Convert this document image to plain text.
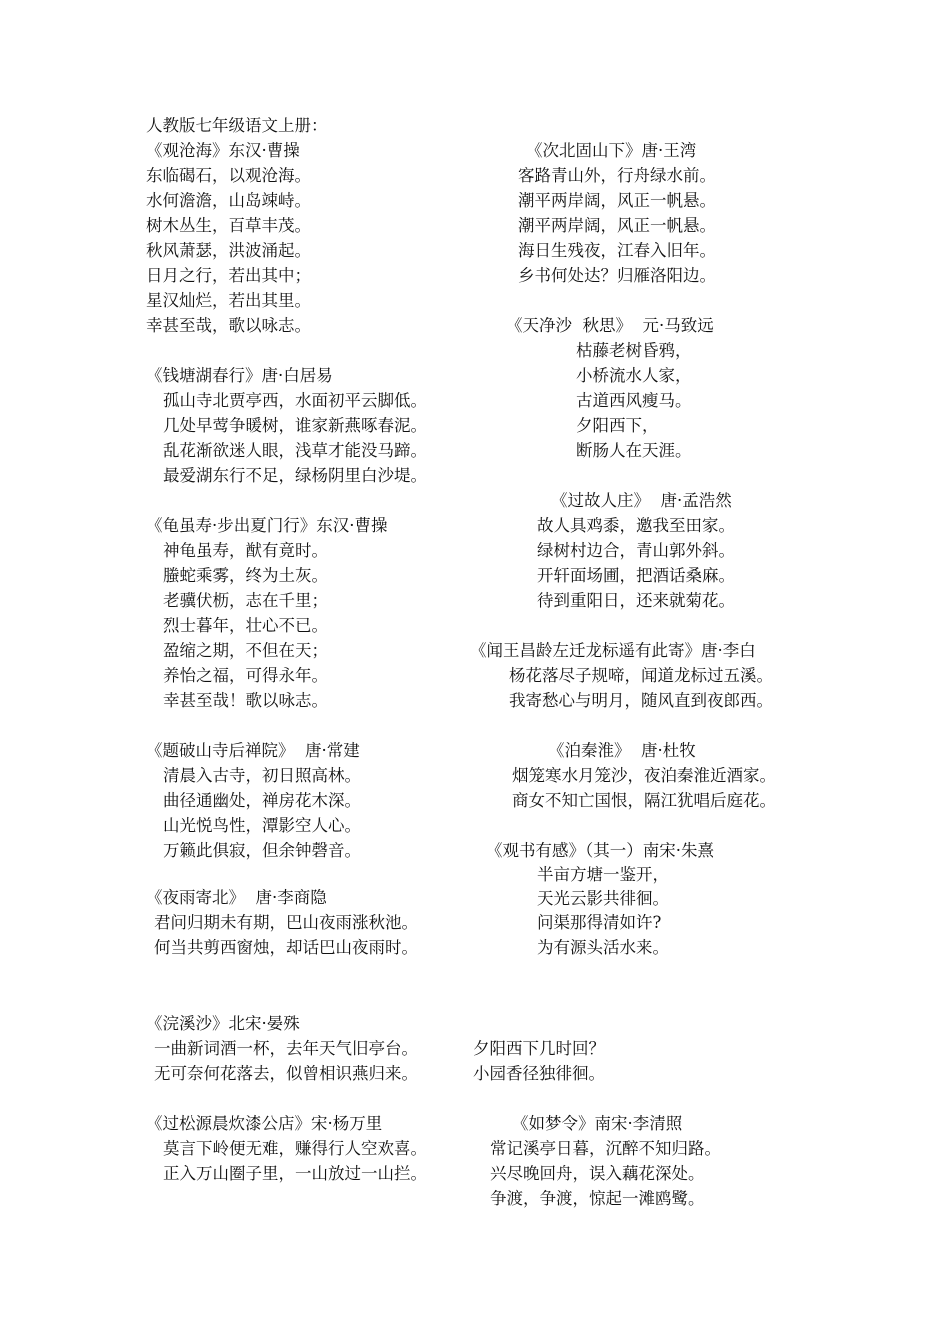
人教版七年级语文上册：
《观沧海》东汉·曹操
东临碣石，以观沧海。
水何澹澹，山岛竦峙。
树木丛生，百草丰茂。
秋风萧瑟，洪波涌起。
日月之行，若出其中；
星汉灿烂，若出其里。
幸甚至哉，歌以咏志。
《钱塘湖春行》唐·白居易
孤山寺北贾亭西，水面初平云脚低。
几处早莺争暖树，谁家新燕啄春泥。
乱花渐欲迷人眼，浅草才能没马蹄。
最爱湖东行不足，绿杨阴里白沙堤。
《龟虽寿·步出夏门行》东汉·曹操
神龟虽寿，猷有竟时。
螣蛇乘雾，终为土灰。
老骥伏枥，志在千里；
烈士暮年，壮心不已。
盈缩之期，不但在天；
养怡之福，可得永年。
幸甚至哉！歌以咏志。
《题破山寺后禅院》  唐·常建
清晨入古寺，初日照高林。
曲径通幽处，禅房花木深。
山光悦鸟性，潭影空人心。
万籁此俱寂，但余钟磬音。
《夜雨寄北》  唐·李商隐
君问归期未有期，巴山夜雨涨秋池。
何当共剪西窗烛，却话巴山夜雨时。
《次北固山下》唐·王湾
客路青山外，行舟绿水前。
潮平两岸阔，风正一帆悬。
潮平两岸阔，风正一帆悬。
海日生残夜，江春入旧年。
乡书何处达？归雁洛阳边。
《天净沙  秋思》  元·马致远
枯藤老树昏鸦，
小桥流水人家，
古道西风瘦马。
夕阳西下，
断肠人在天涯。
《过故人庄》  唐·孟浩然
故人具鸡黍，邀我至田家。
绿树村边合，青山郭外斜。
开轩面场圃，把酒话桑麻。
待到重阳日，还来就菊花。
《闻王昌龄左迁龙标遥有此寄》唐·李白
杨花落尽子规啼，闻道龙标过五溪。
我寄愁心与明月，随风直到夜郎西。
《泊秦淮》  唐·杜牧
烟笼寒水月笼沙，夜泊秦淮近酒家。
商女不知亡国恨，隔江犹唱后庭花。
《观书有感》（其一）南宋·朱熹
半亩方塘一鉴开，
天光云影共徘徊。
问渠那得清如许?
为有源头活水来。
《浣溪沙》北宋·晏殊
一曲新词酒一杯，去年天气旧亭台。
无可奈何花落去，似曾相识燕归来。
夕阳西下几时回？
小园香径独徘徊。
《过松源晨炊漆公店》宋·杨万里
莫言下岭便无难，赚得行人空欢喜。
正入万山圈子里，一山放过一山拦。
《如梦令》南宋·李清照
常记溪亭日暮，沉醉不知归路。
兴尽晚回舟，误入藕花深处。
争渡，争渡，惊起一滩鸥鹭。
